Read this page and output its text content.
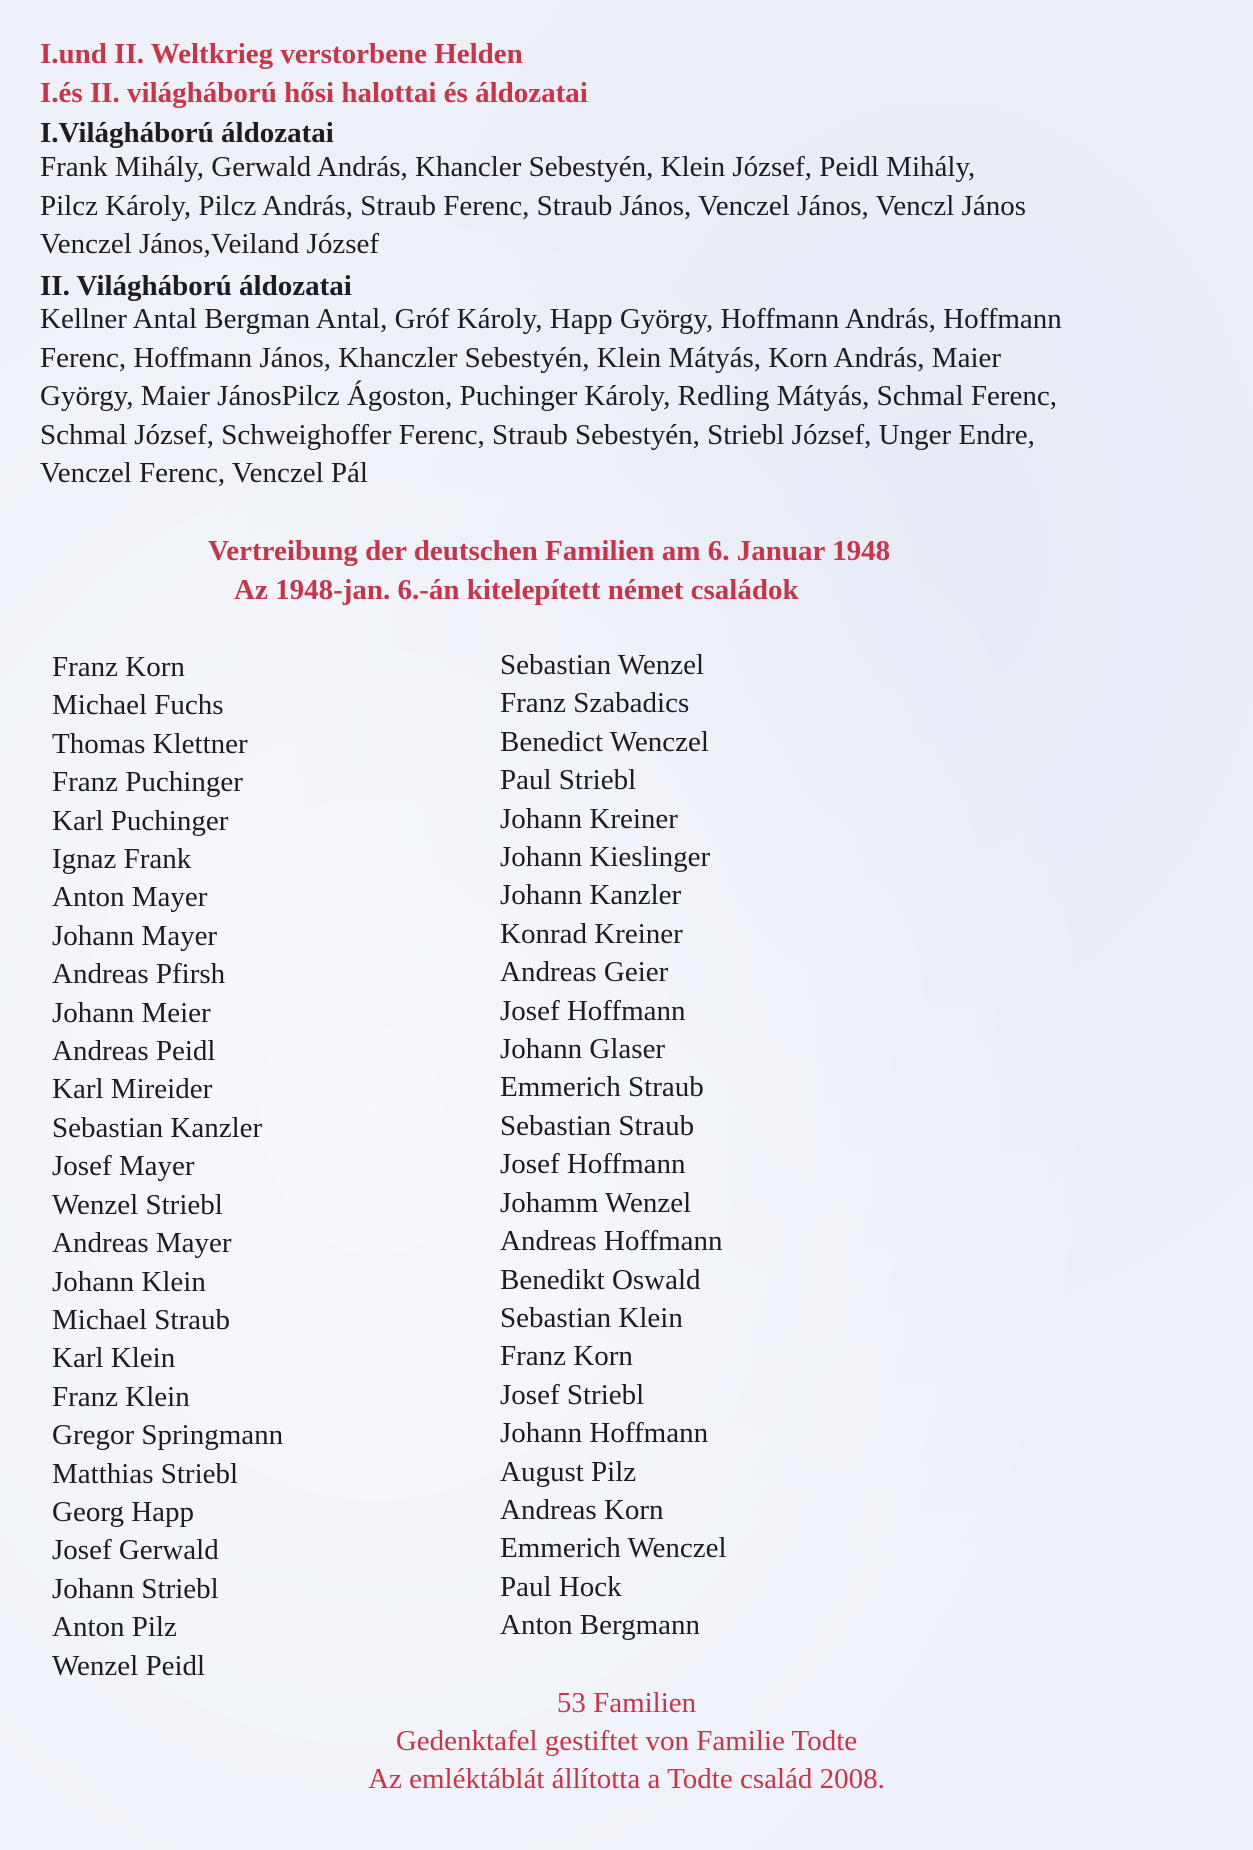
I.und II. Weltkrieg verstorbene Helden
I.és II. világháború hősi halottai és áldozatai
I.Világháború áldozatai
Frank Mihály, Gerwald András, Khancler Sebestyén, Klein József, Peidl Mihály,
Pilcz Károly, Pilcz András, Straub Ferenc, Straub János, Venczel János, Venczl János
Venczel János,Veiland József
II. Világháború áldozatai
Kellner Antal Bergman Antal, Gróf Károly, Happ György, Hoffmann András, Hoffmann
Ferenc, Hoffmann János, Khanczler Sebestyén, Klein Mátyás, Korn András, Maier
György, Maier JánosPilcz Ágoston, Puchinger Károly, Redling Mátyás, Schmal Ferenc,
Schmal József, Schweighoffer Ferenc, Straub Sebestyén, Striebl József, Unger Endre,
Venczel Ferenc, Venczel Pál
Vertreibung der deutschen Familien am 6. Januar 1948
Az 1948-jan. 6.-án kitelepített német családok
Franz Korn
Michael Fuchs
Thomas Klettner
Franz Puchinger
Karl Puchinger
Ignaz Frank
Anton Mayer
Johann Mayer
Andreas Pfirsh
Johann Meier
Andreas Peidl
Karl Mireider
Sebastian Kanzler
Josef Mayer
Wenzel Striebl
Andreas Mayer
Johann Klein
Michael Straub
Karl Klein
Franz Klein
Gregor Springmann
Matthias Striebl
Georg Happ
Josef Gerwald
Johann Striebl
Anton Pilz
Wenzel Peidl
Sebastian Wenzel
Franz Szabadics
Benedict Wenczel
Paul Striebl
Johann Kreiner
Johann Kieslinger
Johann Kanzler
Konrad Kreiner
Andreas Geier
Josef Hoffmann
Johann Glaser
Emmerich Straub
Sebastian Straub
Josef Hoffmann
Johamm Wenzel
Andreas Hoffmann
Benedikt Oswald
Sebastian Klein
Franz Korn
Josef Striebl
Johann Hoffmann
August Pilz
Andreas Korn
Emmerich Wenczel
Paul Hock
Anton Bergmann
53 Familien
Gedenktafel gestiftet von Familie Todte
Az emléktáblát állította a Todte család 2008.
